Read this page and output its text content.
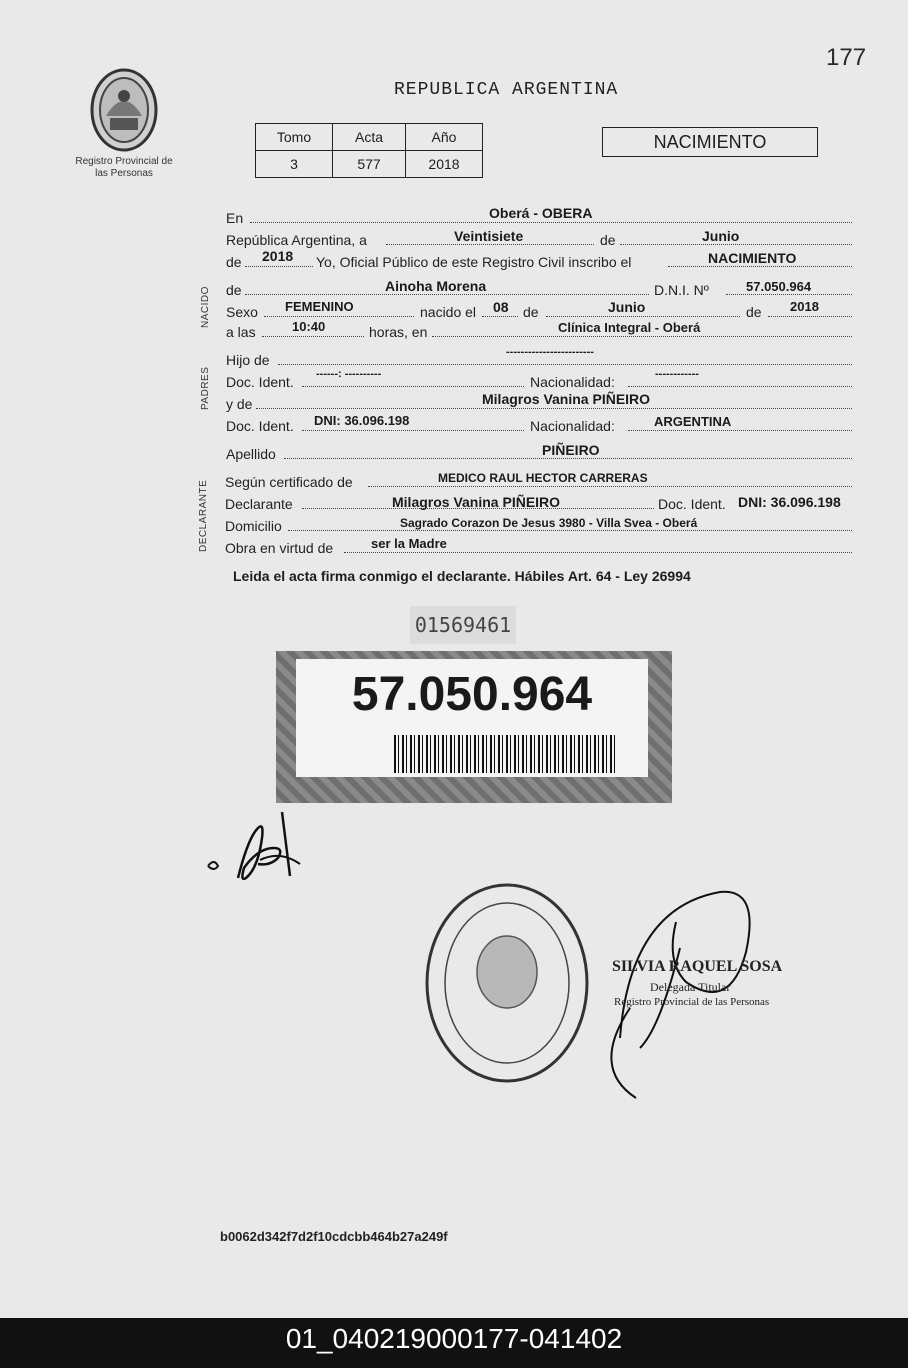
177
Registro Provincial de las Personas
REPUBLICA ARGENTINA
Tomo	Acta	Año
3	577	2018
NACIMIENTO
NACIDO
PADRES
DECLARANTE
En	Oberá - OBERA
República Argentina, a	Veintisiete	de	Junio
de 2018 Yo, Oficial Público de este Registro Civil inscribo el	NACIMIENTO
de	Ainoha Morena	D.N.I. Nº	57.050.964
Sexo FEMENINO	nacido el 08 de	Junio	de 2018
a las	10:40	horas, en	Clínica Integral - Oberá
Hijo de	------------------------
Doc. Ident. ------: ----------	Nacionalidad:	------------
y de	Milagros Vanina PIÑEIRO
Doc. Ident. DNI: 36.096.198	Nacionalidad:	ARGENTINA
Apellido	PIÑEIRO
Según certificado de	MEDICO RAUL HECTOR CARRERAS
Declarante	Milagros Vanina PIÑEIRO	Doc. Ident. DNI: 36.096.198
Domicilio	Sagrado Corazon De Jesus 3980 - Villa Svea - Oberá
Obra en virtud de	ser la Madre
Leida el acta firma conmigo el declarante. Hábiles Art. 64 - Ley 26994
01569461
57.050.964
SILVIA RAQUEL SOSA
Delegada Titular
Registro Provincial de las Personas
b0062d342f7d2f10cdcbb464b27a249f
01_040219000177-041402
